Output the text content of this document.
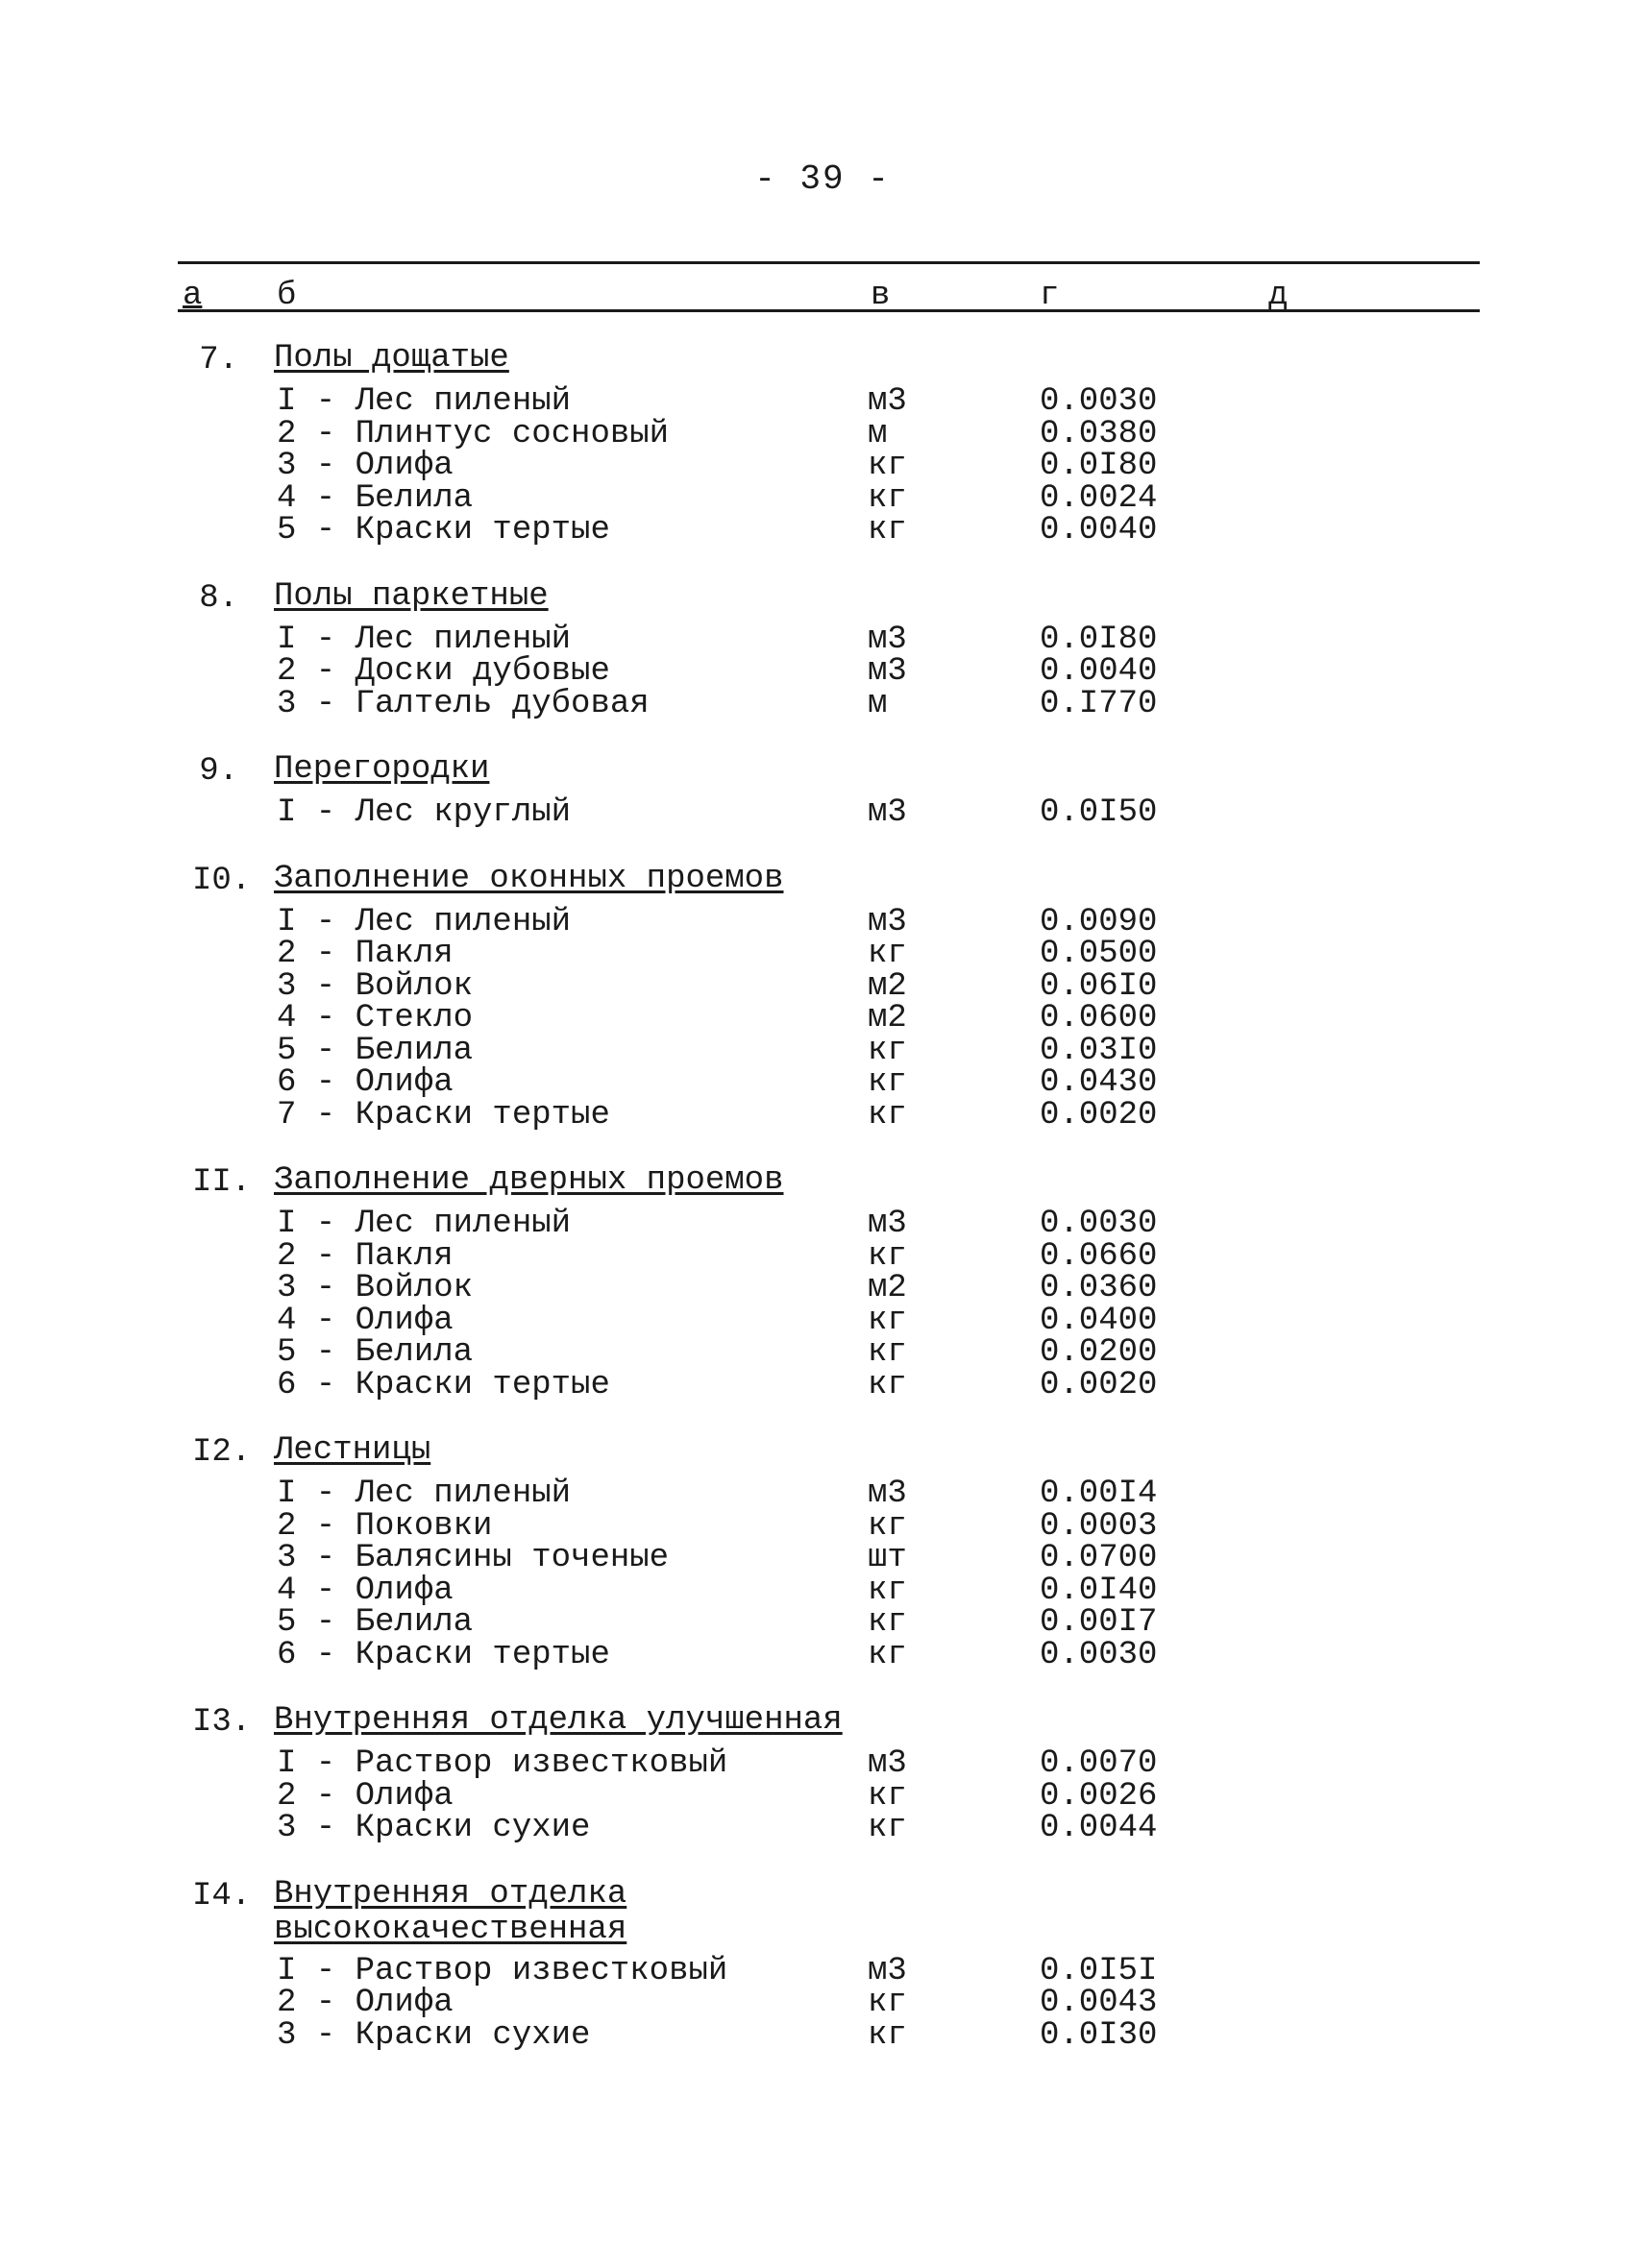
- 39 -
а б	в	г	д
7. Полы дощатые
I - Лес пиленый	м3	0.0030
2 - Плинтус сосновый	м	0.0380
3 - Олифа	кг	0.0I80
4 - Белила	кг	0.0024
5 - Краски тертые	кг	0.0040
8. Полы паркетные
I - Лес пиленый	м3	0.0I80
2 - Доски дубовые	м3	0.0040
3 - Галтель дубовая	м	0.I770
9. Перегородки
I - Лес круглый	м3	0.0I50
I0. Заполнение оконных проемов
I - Лес пиленый	м3	0.0090
2 - Пакля	кг	0.0500
3 - Войлок	м2	0.06I0
4 - Стекло	м2	0.0600
5 - Белила	кг	0.03I0
6 - Олифа	кг	0.0430
7 - Краски тертые	кг	0.0020
II. Заполнение дверных проемов
I - Лес пиленый	м3	0.0030
2 - Пакля	кг	0.0660
3 - Войлок	м2	0.0360
4 - Олифа	кг	0.0400
5 - Белила	кг	0.0200
6 - Краски тертые	кг	0.0020
I2. Лестницы
I - Лес пиленый	м3	0.00I4
2 - Поковки	кг	0.0003
3 - Балясины точеные	шт	0.0700
4 - Олифа	кг	0.0I40
5 - Белила	кг	0.00I7
6 - Краски тертые	кг	0.0030
I3. Внутренняя отделка улучшенная
I - Раствор известковый	м3	0.0070
2 - Олифа	кг	0.0026
3 - Краски сухие	кг	0.0044
I4. Внутренняя отделка высококачественная
I - Раствор известковый	м3	0.0I5I
2 - Олифа	кг	0.0043
3 - Краски сухие	кг	0.0I30
